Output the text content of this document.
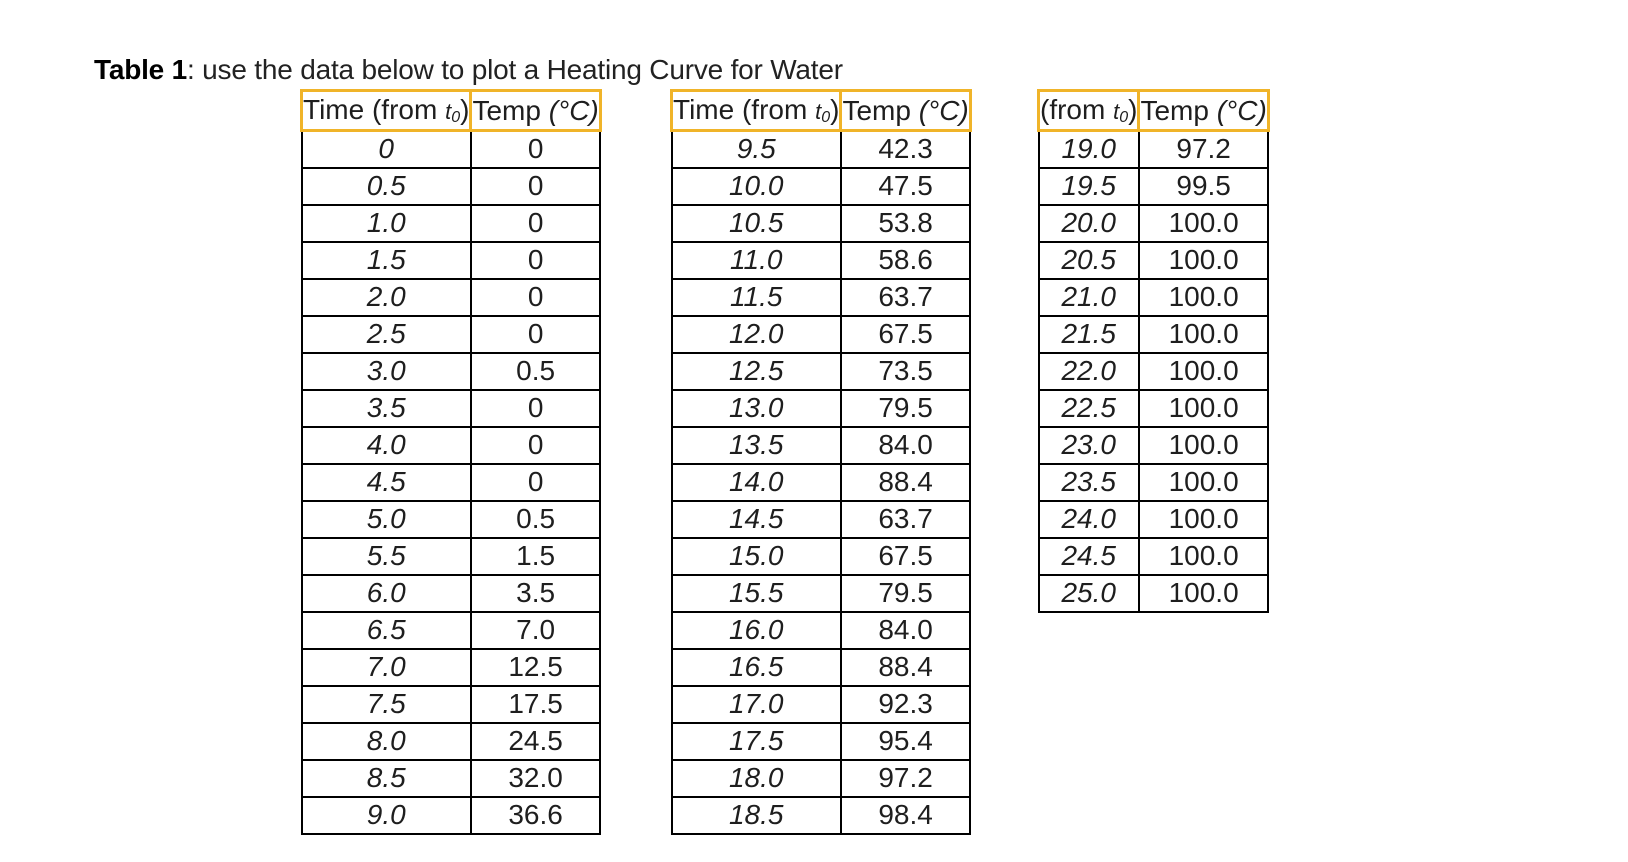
Table 1: use the data below to plot a Heating Curve for Water
Time (from $t_0$)	Temp (°C)
0	0
0.5	0
1.0	0
1.5	0
2.0	0
2.5	0
3.0	0.5
3.5	0
4.0	0
4.5	0
5.0	0.5
5.5	1.5
6.0	3.5
6.5	7.0
7.0	12.5
7.5	17.5
8.0	24.5
8.5	32.0
9.0	36.6
Time (from $t_0$)	Temp (°C)
9.5	42.3
10.0	47.5
10.5	53.8
11.0	58.6
11.5	63.7
12.0	67.5
12.5	73.5
13.0	79.5
13.5	84.0
14.0	88.4
14.5	63.7
15.0	67.5
15.5	79.5
16.0	84.0
16.5	88.4
17.0	92.3
17.5	95.4
18.0	97.2
18.5	98.4
(from $t_0$)	Temp (°C)
19.0	97.2
19.5	99.5
20.0	100.0
20.5	100.0
21.0	100.0
21.5	100.0
22.0	100.0
22.5	100.0
23.0	100.0
23.5	100.0
24.0	100.0
24.5	100.0
25.0	100.0
